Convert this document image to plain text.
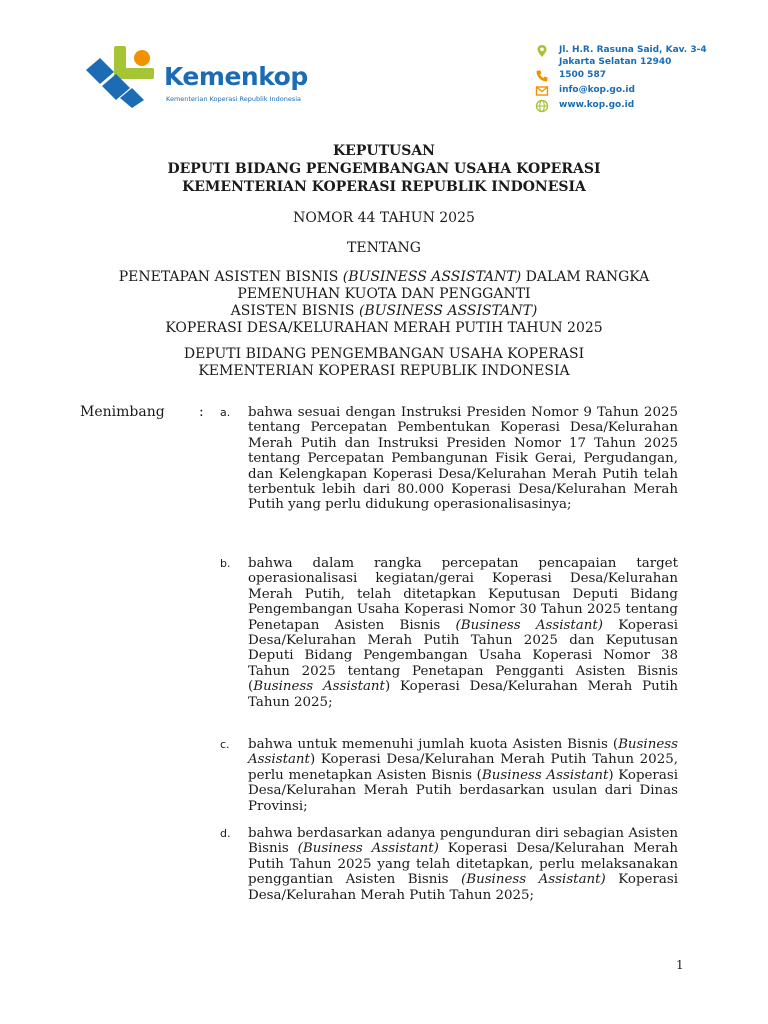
Kemenkop
Kementerian Koperasi Republik Indonesia
Jl. H.R. Rasuna Said, Kav. 3-4
Jakarta Selatan 12940
1500 587
info@kop.go.id
www.kop.go.id
KEPUTUSAN
DEPUTI BIDANG PENGEMBANGAN USAHA KOPERASI
KEMENTERIAN KOPERASI REPUBLIK INDONESIA
NOMOR 44 TAHUN 2025
TENTANG
PENETAPAN ASISTEN BISNIS (BUSINESS ASSISTANT) DALAM RANGKA
PEMENUHAN KUOTA DAN PENGGANTI
ASISTEN BISNIS (BUSINESS ASSISTANT)
KOPERASI DESA/KELURAHAN MERAH PUTIH TAHUN 2025
DEPUTI BIDANG PENGEMBANGAN USAHA KOPERASI
KEMENTERIAN KOPERASI REPUBLIK INDONESIA
Menimbang : a. bahwa sesuai dengan Instruksi Presiden Nomor 9 Tahun 2025 tentang Percepatan Pembentukan Koperasi Desa/Kelurahan Merah Putih dan Instruksi Presiden Nomor 17 Tahun 2025 tentang Percepatan Pembangunan Fisik Gerai, Pergudangan, dan Kelengkapan Koperasi Desa/Kelurahan Merah Putih telah terbentuk lebih dari 80.000 Koperasi Desa/Kelurahan Merah Putih yang perlu didukung operasionalisasinya;
b. bahwa dalam rangka percepatan pencapaian target operasionalisasi kegiatan/gerai Koperasi Desa/Kelurahan Merah Putih, telah ditetapkan Keputusan Deputi Bidang Pengembangan Usaha Koperasi Nomor 30 Tahun 2025 tentang Penetapan Asisten Bisnis (Business Assistant) Koperasi Desa/Kelurahan Merah Putih Tahun 2025 dan Keputusan Deputi Bidang Pengembangan Usaha Koperasi Nomor 38 Tahun 2025 tentang Penetapan Pengganti Asisten Bisnis (Business Assistant) Koperasi Desa/Kelurahan Merah Putih Tahun 2025;
c. bahwa untuk memenuhi jumlah kuota Asisten Bisnis (Business Assistant) Koperasi Desa/Kelurahan Merah Putih Tahun 2025, perlu menetapkan Asisten Bisnis (Business Assistant) Koperasi Desa/Kelurahan Merah Putih berdasarkan usulan dari Dinas Provinsi;
d. bahwa berdasarkan adanya pengunduran diri sebagian Asisten Bisnis (Business Assistant) Koperasi Desa/Kelurahan Merah Putih Tahun 2025 yang telah ditetapkan, perlu melaksanakan penggantian Asisten Bisnis (Business Assistant) Koperasi Desa/Kelurahan Merah Putih Tahun 2025;
1
